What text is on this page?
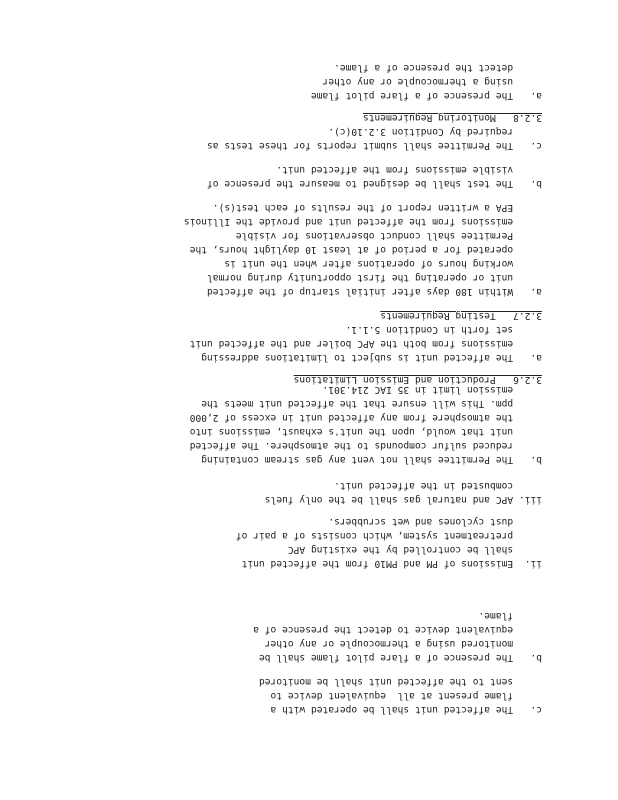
c.   The affected unit shall be operated with a
flame present at all  equivalent device to
sent to the affected unit shall be monitored
b.   The presence of a flare pilot flame shall be
monitored using a thermocouple or any other
equivalent device to detect the presence of a
flame.
ii.  Emissions of PM and PM10 from the affected unit
shall be controlled by the existing APC
pretreatment system, which consists of a pair of
dust cyclones and wet scrubbers.
iii. APC and natural gas shall be the only fuels
combusted in the affected unit.
b.   The Permittee shall not vent any gas stream containing
reduced sulfur compounds to the atmosphere. The affected
unit that would, upon the unit's exhaust, emissions into
the atmosphere from any affected unit in excess of 2,000
ppm. This will ensure that the affected unit meets the
emission limit in 35 IAC 214.301.
3.2.6   Production and Emission Limitations
a.   The affected unit is subject to limitations addressing
emissions from both the APC boiler and the affected unit
set forth in Condition 5.1.1.
3.2.7   Testing Requirements
a.   Within 180 days after initial startup of the affected
unit or operating the first opportunity during normal
working hours of operations after when the unit is
operated for a period of at least 10 daylight hours, the
Permittee shall conduct observations for visible
emissions from the affected unit and provide the Illinois
EPA a written report of the results of each test(s).
b.   The test shall be designed to measure the presence of
visible emissions from the affected unit.
c.   The Permittee shall submit reports for these tests as
required by Condition 3.2.10(c).
3.2.8   Monitoring Requirements
a.   The presence of a flare pilot flame
using a thermocouple or any other
detect the presence of a flame.
